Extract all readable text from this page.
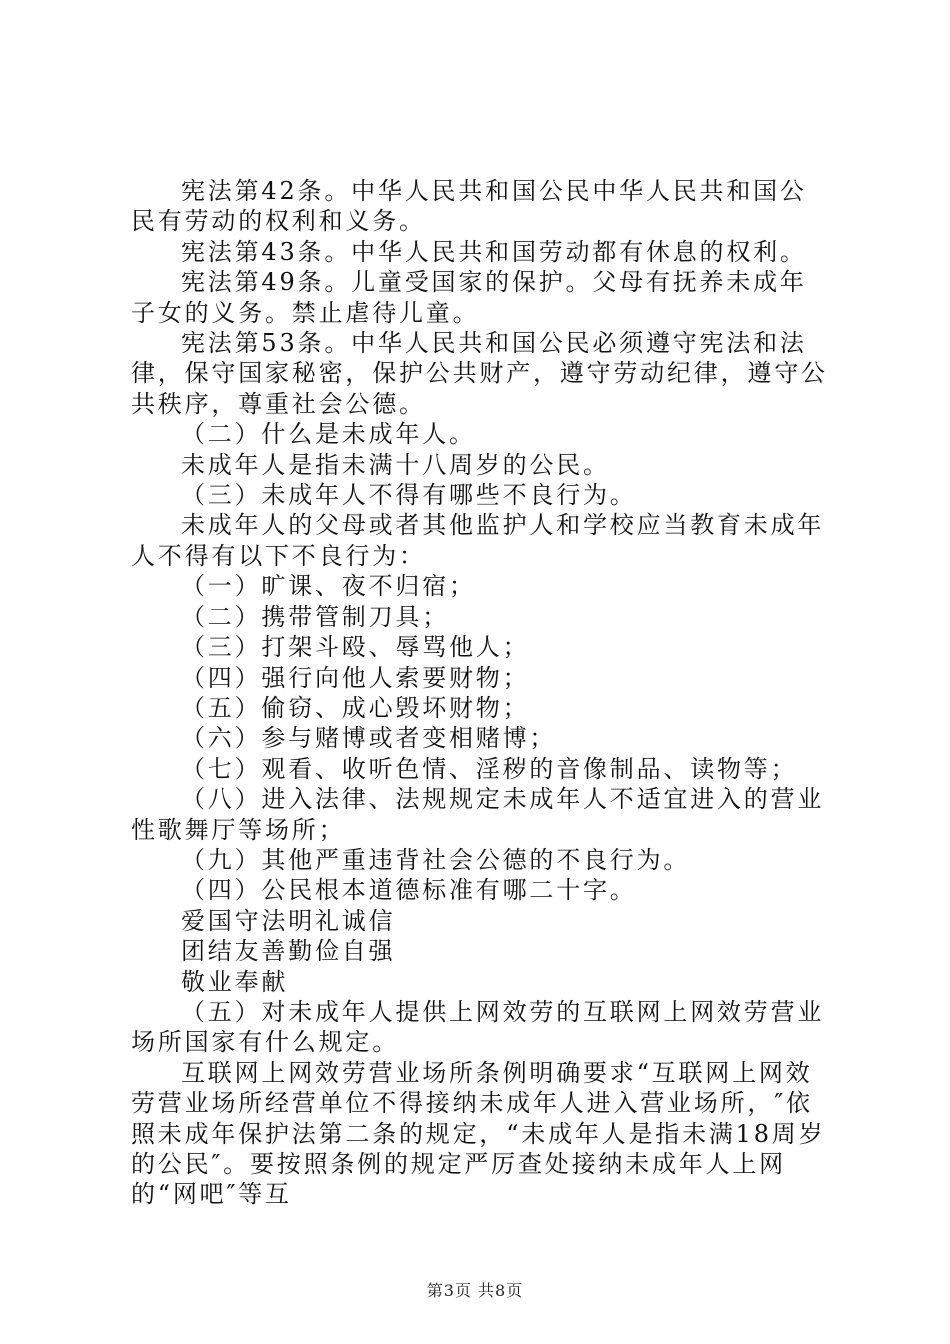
宪法第42条。中华人民共和国公民中华人民共和国公民有劳动的权利和义务。

宪法第43条。中华人民共和国劳动都有休息的权利。

宪法第49条。儿童受国家的保护。父母有抚养未成年子女的义务。禁止虐待儿童。

宪法第53条。中华人民共和国公民必须遵守宪法和法律，保守国家秘密，保护公共财产，遵守劳动纪律，遵守公共秩序，尊重社会公德。

（二）什么是未成年人。

未成年人是指未满十八周岁的公民。

（三）未成年人不得有哪些不良行为。

未成年人的父母或者其他监护人和学校应当教育未成年人不得有以下不良行为：

（一）旷课、夜不归宿；

（二）携带管制刀具；

（三）打架斗殴、辱骂他人；

（四）强行向他人索要财物；

（五）偷窃、成心毁坏财物；

（六）参与赌博或者变相赌博；

（七）观看、收听色情、淫秽的音像制品、读物等；

（八）进入法律、法规规定未成年人不适宜进入的营业性歌舞厅等场所；

（九）其他严重违背社会公德的不良行为。

（四）公民根本道德标准有哪二十字。

爱国守法明礼诚信

团结友善勤俭自强

敬业奉献

（五）对未成年人提供上网效劳的互联网上网效劳营业场所国家有什么规定。

互联网上网效劳营业场所条例明确要求“互联网上网效劳营业场所经营单位不得接纳未成年人进入营业场所，″依照未成年保护法第二条的规定，“未成年人是指未满18周岁的公民″。要按照条例的规定严厉查处接纳未成年人上网的“网吧″等互

第3页 共8页
